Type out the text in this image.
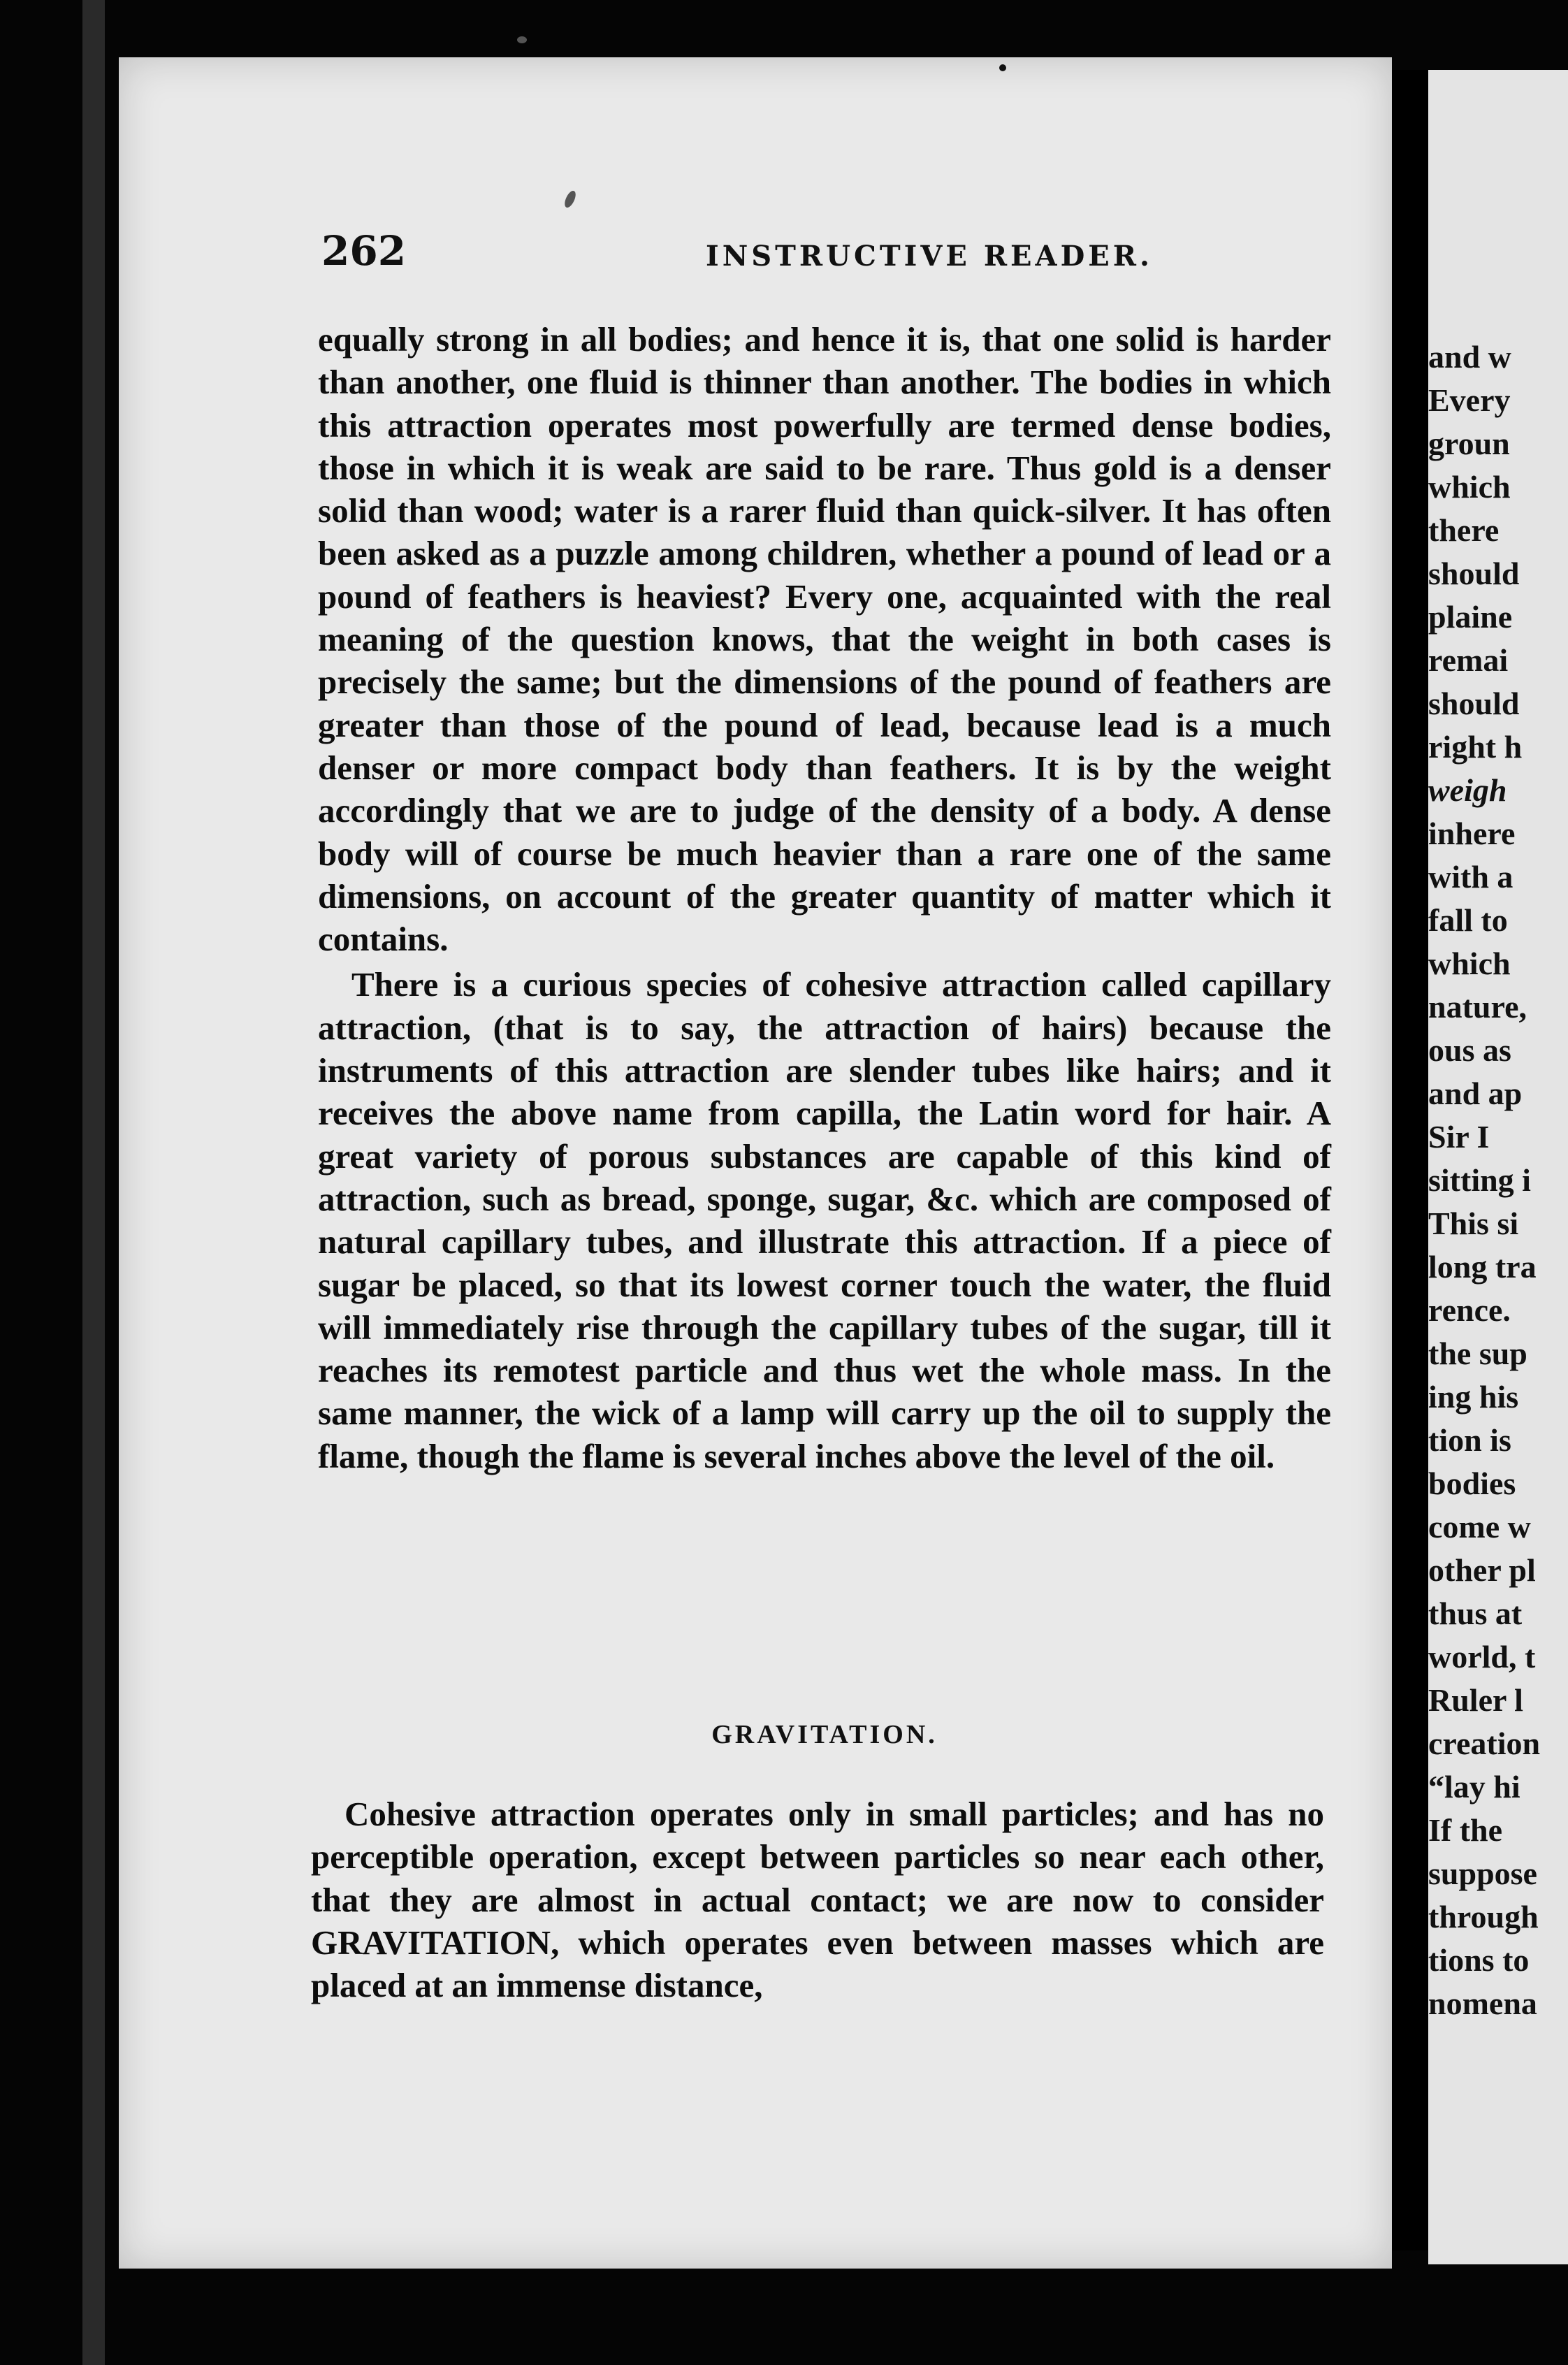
262	INSTRUCTIVE READER.

equally strong in all bodies; and hence it is, that one solid is harder than another, one fluid is thinner than another. The bodies in which this attraction operates most powerfully are termed dense bodies, those in which it is weak are said to be rare. Thus gold is a denser solid than wood; water is a rarer fluid than quick-silver. It has often been asked as a puzzle among children, whether a pound of lead or a pound of feathers is heaviest? Every one, acquainted with the real meaning of the question knows, that the weight in both cases is precisely the same; but the dimensions of the pound of feathers are greater than those of the pound of lead, because lead is a much denser or more compact body than feathers. It is by the weight accordingly that we are to judge of the density of a body. A dense body will of course be much heavier than a rare one of the same dimensions, on account of the greater quantity of matter which it contains.

There is a curious species of cohesive attraction called capillary attraction, (that is to say, the attraction of hairs) because the instruments of this attraction are slender tubes like hairs; and it receives the above name from capilla, the Latin word for hair. A great variety of porous substances are capable of this kind of attraction, such as bread, sponge, sugar, &c. which are composed of natural capillary tubes, and illustrate this attraction. If a piece of sugar be placed, so that its lowest corner touch the water, the fluid will immediately rise through the capillary tubes of the sugar, till it reaches its remotest particle and thus wet the whole mass. In the same manner, the wick of a lamp will carry up the oil to supply the flame, though the flame is several inches above the level of the oil.

GRAVITATION.

Cohesive attraction operates only in small particles; and has no perceptible operation, except between particles so near each other, that they are almost in actual contact; we are now to consider GRAVITATION, which operates even between masses which are placed at an immense distance,

and w
Every
groun
which
there
should
plaine
remai
should
right h
weigh
inhere
with a
fall to
which
nature,
ous as
and ap
Sir I
sitting i
This si
long tra
rence.
the sup
ing his
tion is
bodies
come w
other pl
thus at
world, t
Ruler l
creation
“lay hi
If the
suppose
through
tions to
nomena
